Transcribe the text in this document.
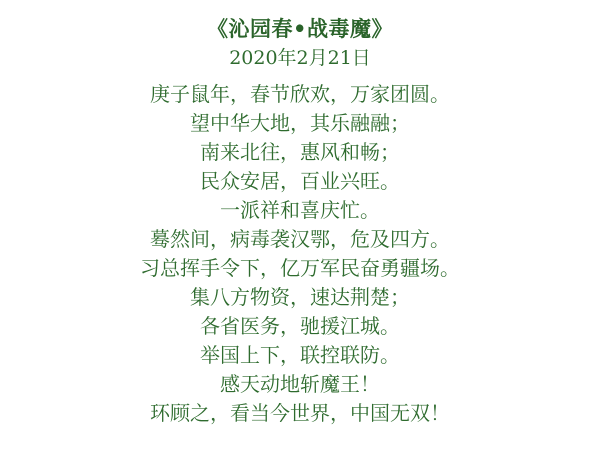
《沁园春•战毒魔》
2020年2月21日
庚子鼠年，春节欣欢，万家团圆。
望中华大地，其乐融融；
南来北往，惠风和畅；
民众安居，百业兴旺。
一派祥和喜庆忙。
蓦然间，病毒袭汉鄂，危及四方。
习总挥手令下，亿万军民奋勇疆场。
集八方物资，速达荆楚；
各省医务，驰援江城。
举国上下，联控联防。
感天动地斩魔王！
环顾之，看当今世界，中国无双！
